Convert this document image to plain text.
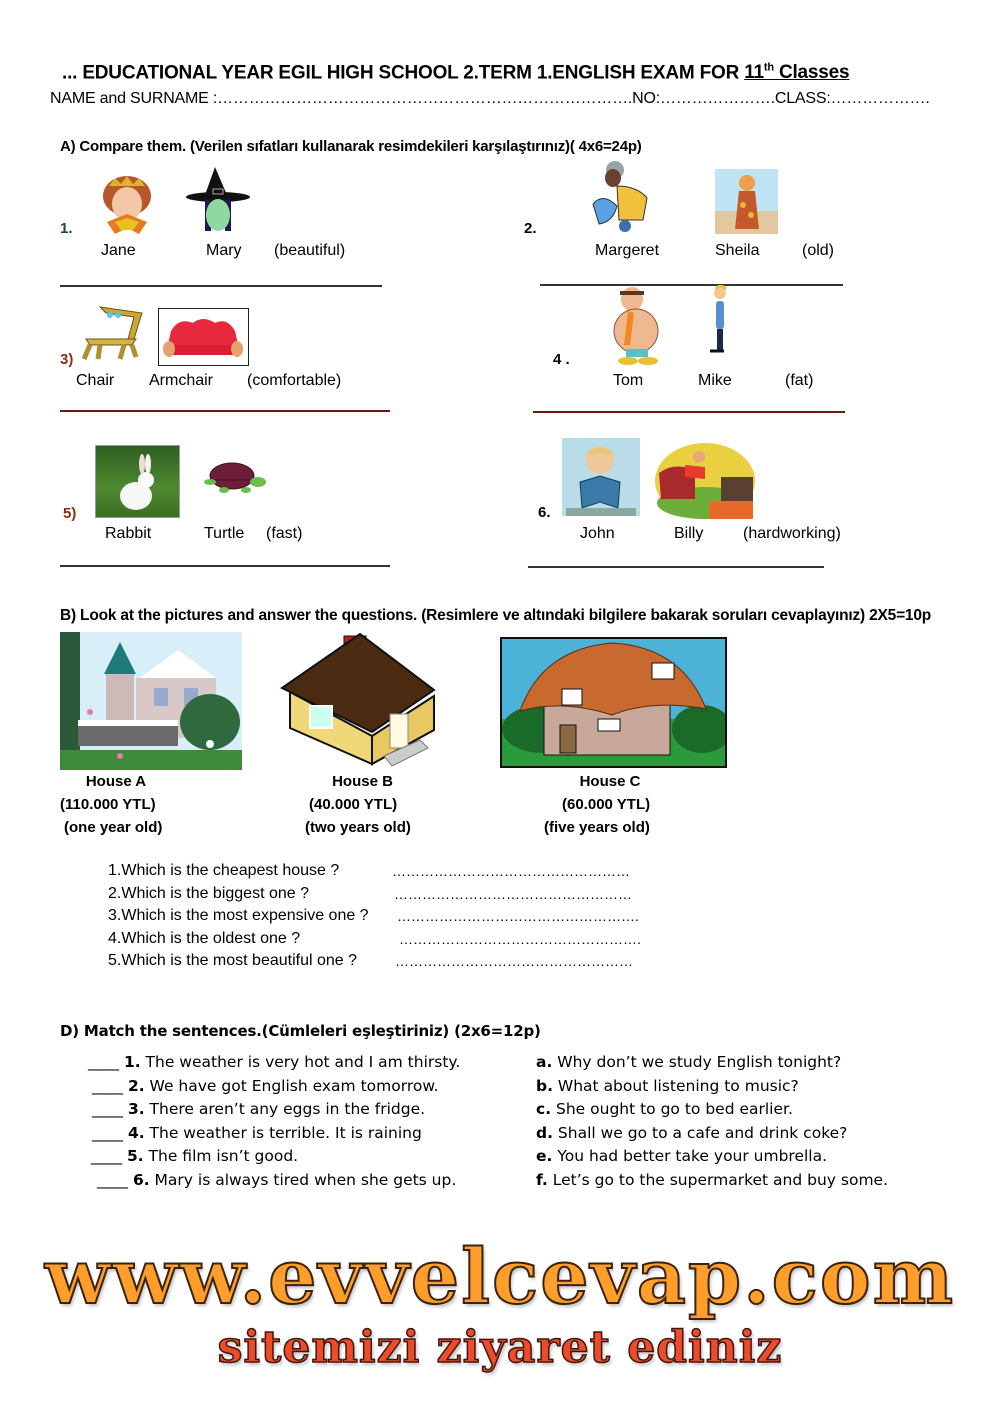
... EDUCATIONAL YEAR EGIL HIGH SCHOOL 2.TERM 1.ENGLISH EXAM FOR 11th Classes
NAME and SURNAME :…………………………………………………………………….NO:………………….CLASS:……………….
A) Compare them. (Verilen sıfatları kullanarak resimdekileri karşılaştırınız)( 4x6=24p)
1.
Jane	Mary (beautiful)
2.
Margeret	Sheila	(old)
3)
Chair Armchair (comfortable)
4 .
Tom	Mike	(fat)
5)
Rabbit	Turtle (fast)
6.
John	Billy (hardworking)
B) Look at the pictures and answer the questions. (Resimlere ve altındaki bilgilere bakarak soruları cevaplayınız) 2X5=10p
House A
(110.000 YTL)
(one year old)
House B
(40.000 YTL)
(two years old)
House C
(60.000 YTL)
(five years old)
1.Which is the cheapest house ?
2.Which is the biggest one ?
3.Which is the most expensive one ?
4.Which is the oldest one ?
5.Which is the most beautiful one ?
……………………………………………
……………………………………………
…………………………………………….
…………………………………………….
……………………………………………
D) Match the sentences.(Cümleleri eşleştiriniz) (2x6=12p)
____ 1. The weather is very hot and I am thirsty.
____ 2. We have got English exam tomorrow.
____ 3. There aren’t any eggs in the fridge.
____ 4. The weather is terrible. It is raining
____ 5. The film isn’t good.
____ 6. Mary is always tired when she gets up.
a. Why don’t we study English tonight?
b. What about listening to music?
c. She ought to go to bed earlier.
d. Shall we go to a cafe and drink coke?
e. You had better take your umbrella.
f. Let’s go to the supermarket and buy some.
www.evvelcevap.com
sitemizi ziyaret ediniz
